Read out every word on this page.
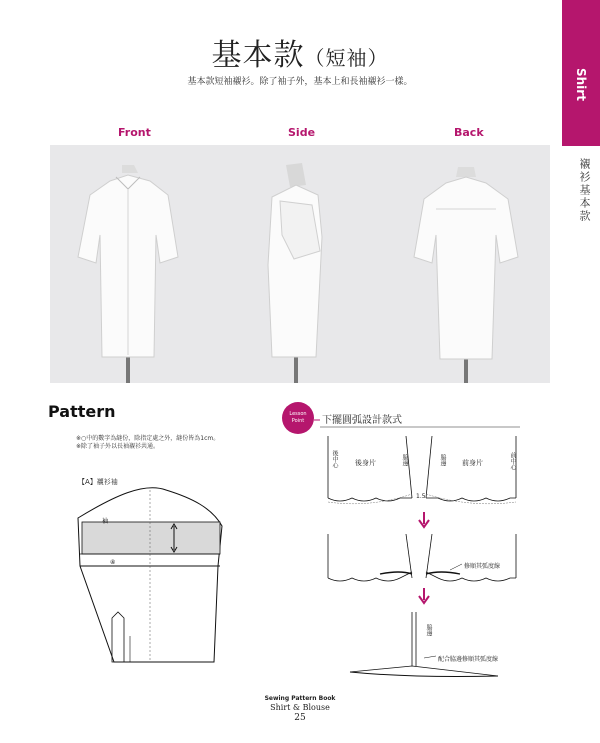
基本款（短袖）
基本款短袖襯衫。除了袖子外，基本上和長袖襯衫一樣。	Shirt
襯衫基本款
Front	Side	Back
Pattern
※○中的數字為縫份，除指定處之外，縫份皆為1cm。
※除了袖子外以長袖襯衫共通。
【A】襯衫袖
袖
④
Lesson
Point	下擺圓弧設計款式
後中心 後身片	脇邊	脇邊 前身片	前中心
1.5
修順其弧度線
脇邊
配合脇邊修順其弧度線
Sewing Pattern Book
Shirt & Blouse
25
